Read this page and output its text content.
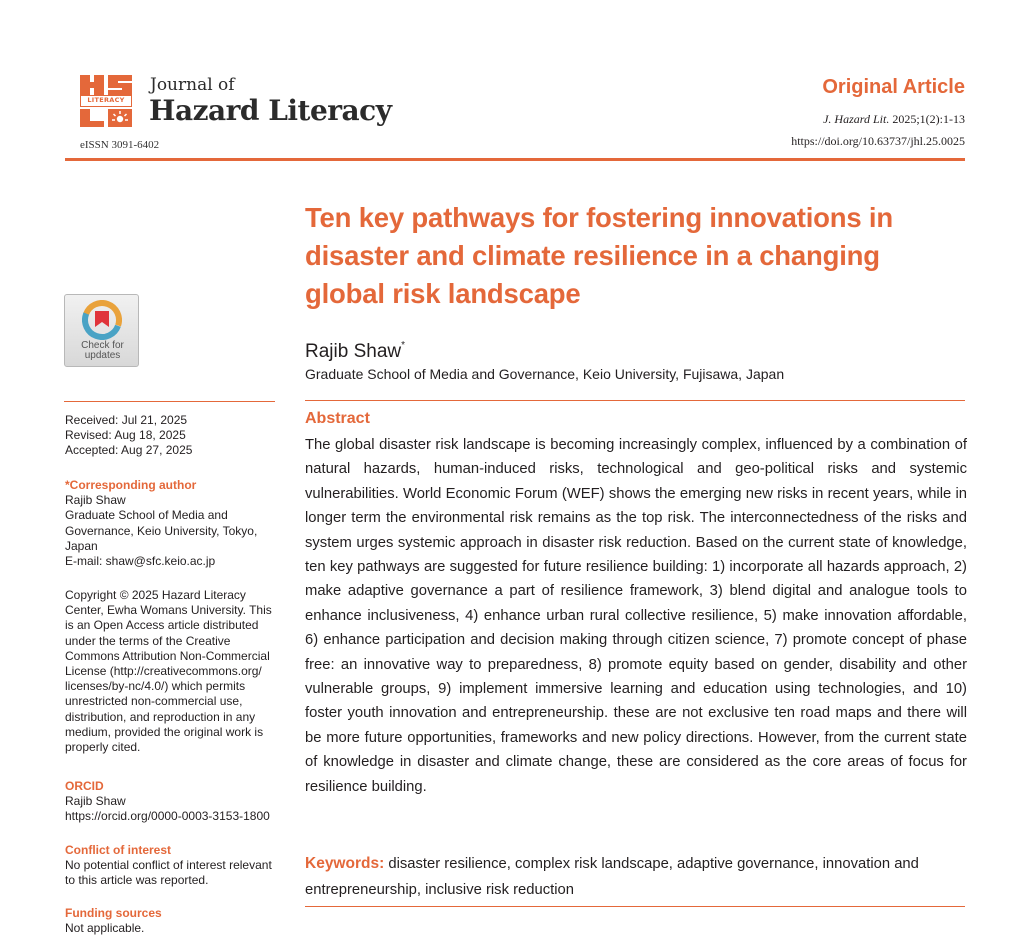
LITERACY
Journal of
Hazard Literacy
eISSN 3091-6402
Original Article
J. Hazard Lit. 2025;1(2):1-13
https://doi.org/10.63737/jhl.25.0025
Ten key pathways for fostering innovations in
disaster and climate resilience in a changing
global risk landscape
Rajib Shaw*
Graduate School of Media and Governance, Keio University, Fujisawa, Japan
Abstract

The global disaster risk landscape is becoming increasingly complex, influenced by a combination of natural hazards, human-induced risks, technological and geo-political risks and systemic vulnerabilities. World Economic Forum (WEF) shows the emerging new risks in recent years, while in longer term the environmental risk remains as the top risk. The interconnectedness of the risks and system urges systemic approach in disaster risk reduction. Based on the current state of knowledge, ten key pathways are suggested for future resilience building: 1) incorporate all hazards approach, 2) make adaptive governance a part of resilience framework, 3) blend digital and analogue tools to enhance inclusiveness, 4) enhance urban rural collective resilience, 5) make innovation affordable, 6) enhance participation and decision making through citizen science, 7) promote concept of phase free: an innovative way to preparedness, 8) promote equity based on gender, disability and other vulnerable groups, 9) implement immersive learning and education using technologies, and 10) foster youth innovation and entrepreneurship. these are not exclusive ten road maps and there will be more future opportunities, frameworks and new policy directions. However, from the current state of knowledge in disaster and climate change, these are considered as the core areas of focus for resilience building.

Keywords: disaster resilience, complex risk landscape, adaptive governance, innovation and entrepreneurship, inclusive risk reduction
Check for
updates
Received: Jul 21, 2025
Revised: Aug 18, 2025
Accepted: Aug 27, 2025
*Corresponding author
Rajib Shaw
Graduate School of Media and
Governance, Keio University, Tokyo,
Japan
E-mail: shaw@sfc.keio.ac.jp
Copyright © 2025 Hazard Literacy
Center, Ewha Womans University. This
is an Open Access article distributed
under the terms of the Creative
Commons Attribution Non-Commercial
License (http://creativecommons.org/
licenses/by-nc/4.0/) which permits
unrestricted non-commercial use,
distribution, and reproduction in any
medium, provided the original work is
properly cited.
ORCID
Rajib Shaw
https://orcid.org/0000-0003-3153-1800
Conflict of interest
No potential conflict of interest relevant
to this article was reported.
Funding sources
Not applicable.
